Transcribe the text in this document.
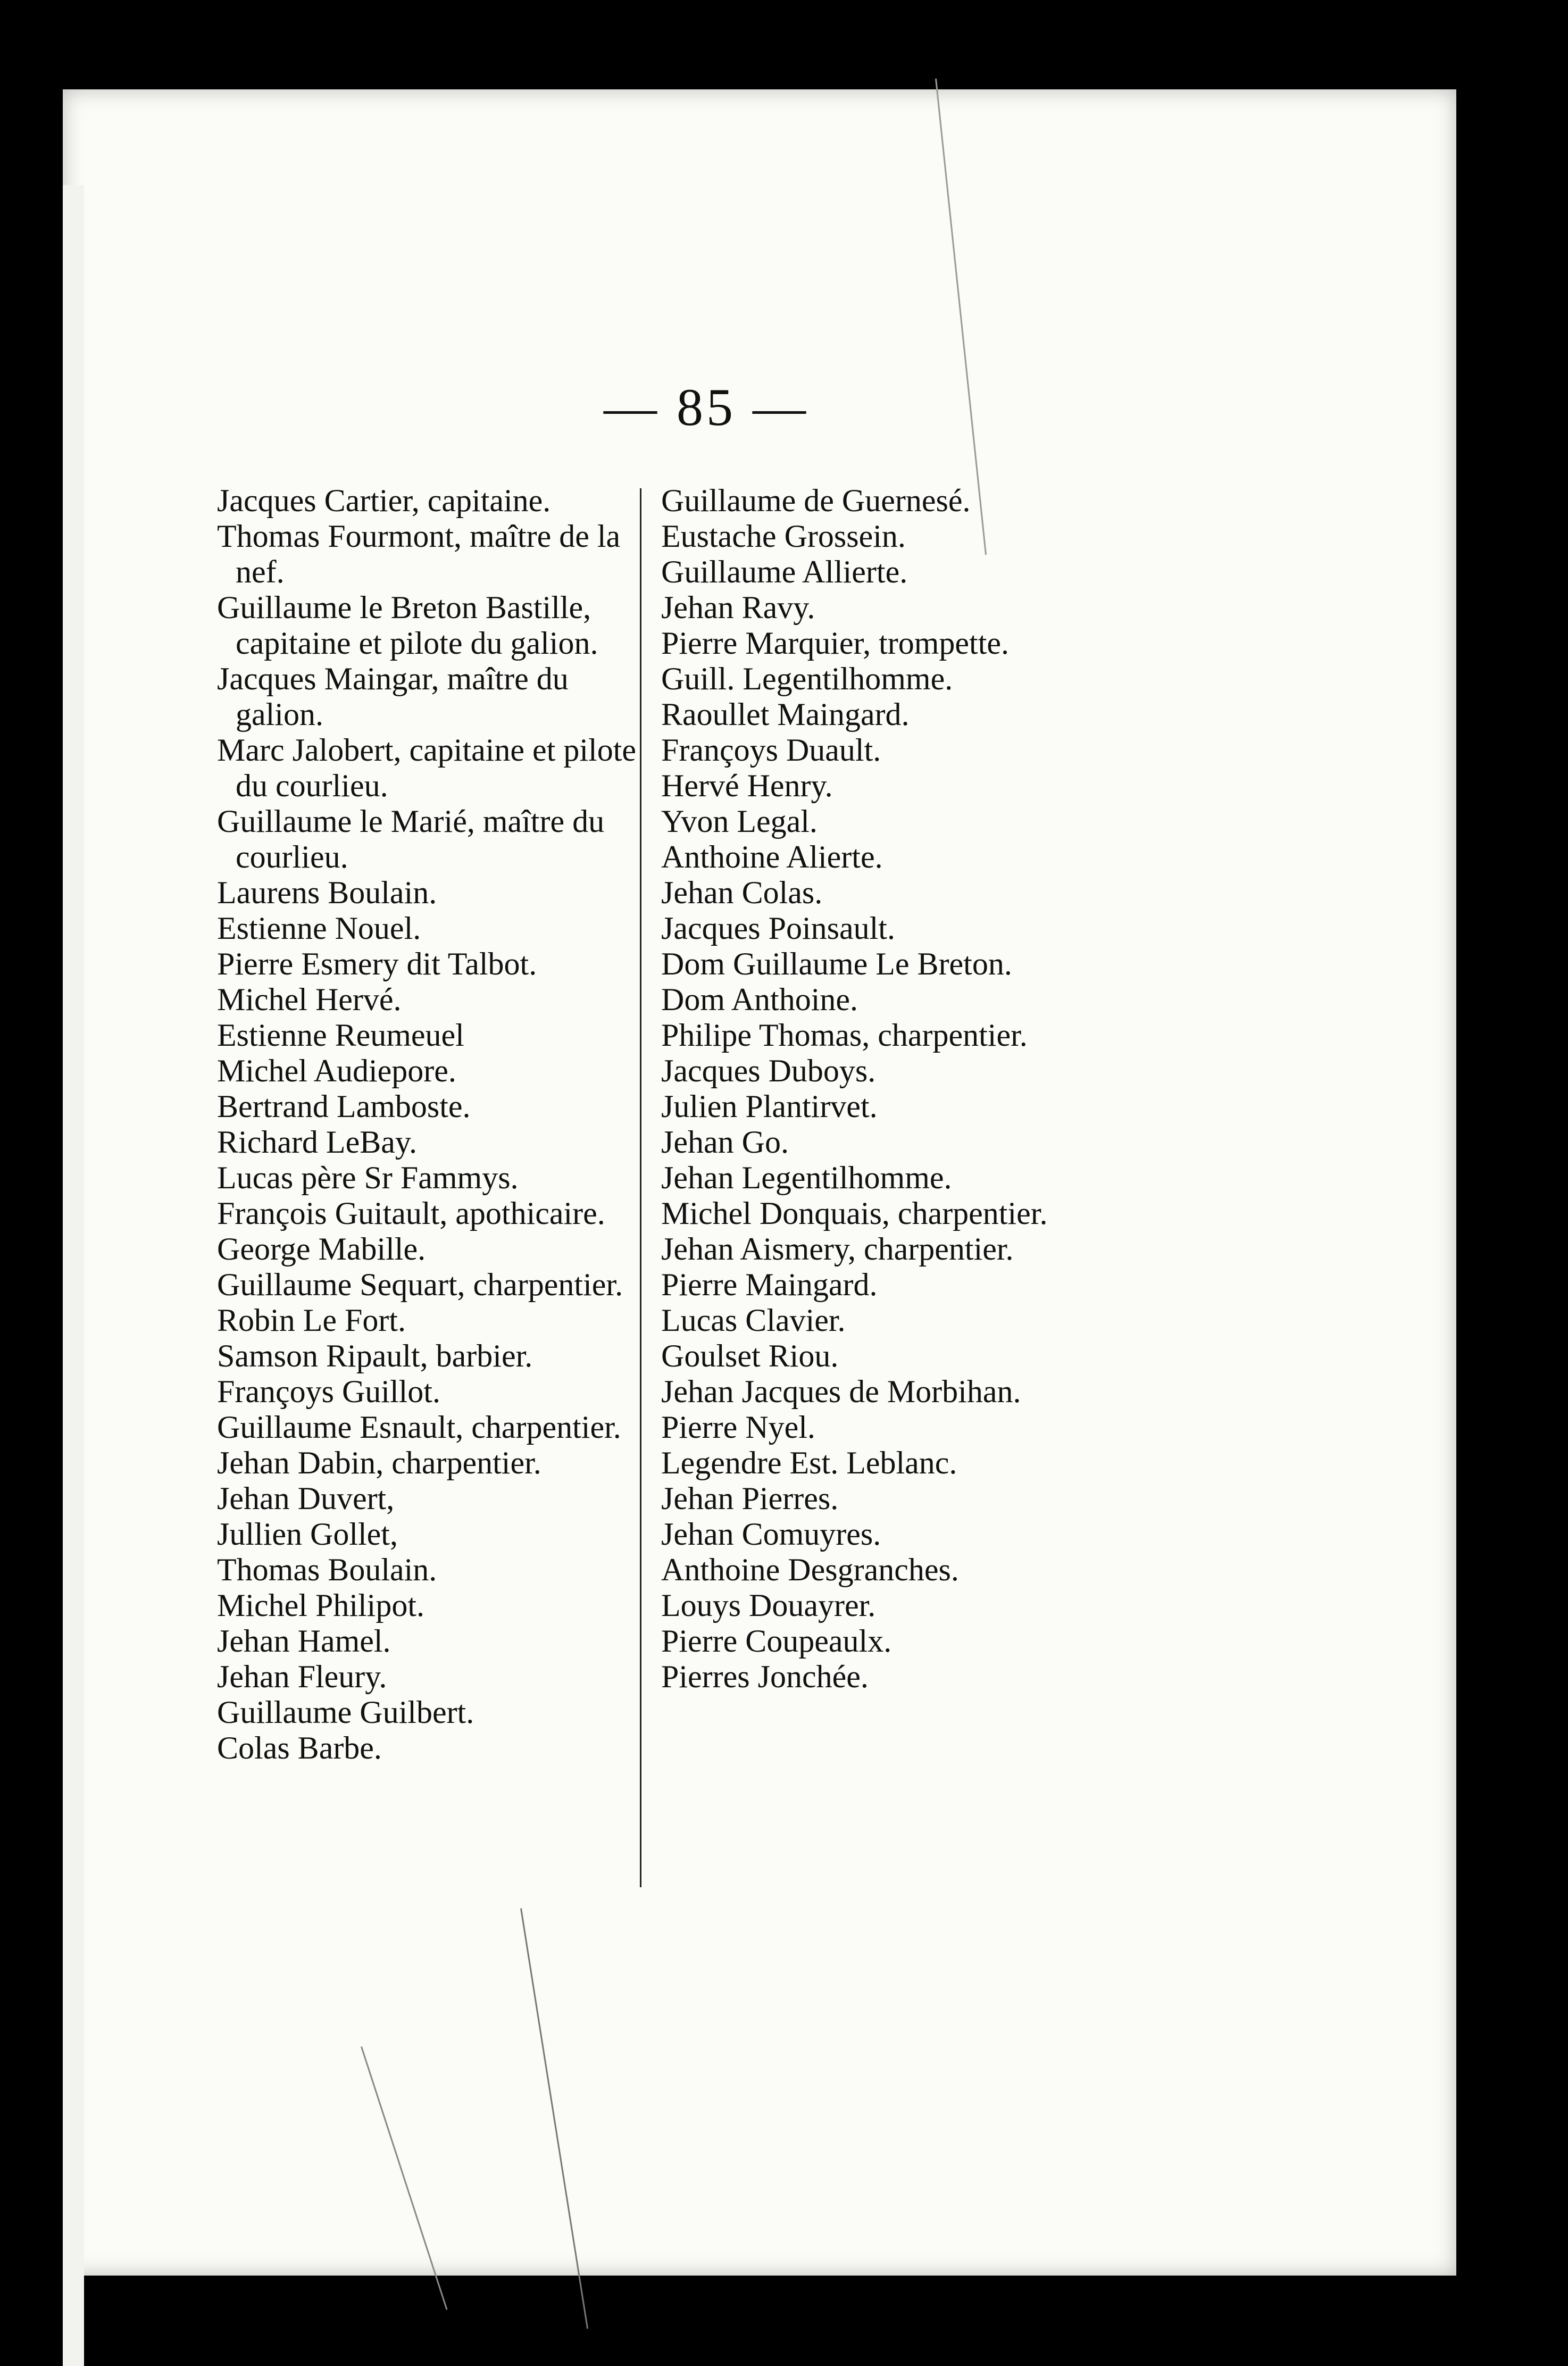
— 85 —

Jacques Cartier, capitaine.

Thomas Fourmont, maître de la nef.

Guillaume le Breton Bastille, capitaine et pilote du galion.

Jacques Maingar, maître du galion.

Marc Jalobert, capitaine et pilote du courlieu.

Guillaume le Marié, maître du courlieu.

Laurens Boulain.

Estienne Nouel.

Pierre Esmery dit Talbot.

Michel Hervé.

Estienne Reumeuel

Michel Audiepore.

Bertrand Lamboste.

Richard LeBay.

Lucas père Sr Fammys.

François Guitault, apothicaire.

George Mabille.

Guillaume Sequart, charpentier.

Robin Le Fort.

Samson Ripault, barbier.

Françoys Guillot.

Guillaume Esnault, charpentier.

Jehan Dabin, charpentier.

Jehan Duvert,

Jullien Gollet,

Thomas Boulain.

Michel Philipot.

Jehan Hamel.

Jehan Fleury.

Guillaume Guilbert.

Colas Barbe.

Guillaume de Guernesé.

Eustache Grossein.

Guillaume Allierte.

Jehan Ravy.

Pierre Marquier, trompette.

Guill. Legentilhomme.

Raoullet Maingard.

Françoys Duault.

Hervé Henry.

Yvon Legal.

Anthoine Alierte.

Jehan Colas.

Jacques Poinsault.

Dom Guillaume Le Breton.

Dom Anthoine.

Philipe Thomas, charpentier.

Jacques Duboys.

Julien Plantirvet.

Jehan Go.

Jehan Legentilhomme.

Michel Donquais, charpentier.

Jehan Aismery, charpentier.

Pierre Maingard.

Lucas Clavier.

Goulset Riou.

Jehan Jacques de Morbihan.

Pierre Nyel.

Legendre Est. Leblanc.

Jehan Pierres.

Jehan Comuyres.

Anthoine Desgranches.

Louys Douayrer.

Pierre Coupeaulx.

Pierres Jonchée.
